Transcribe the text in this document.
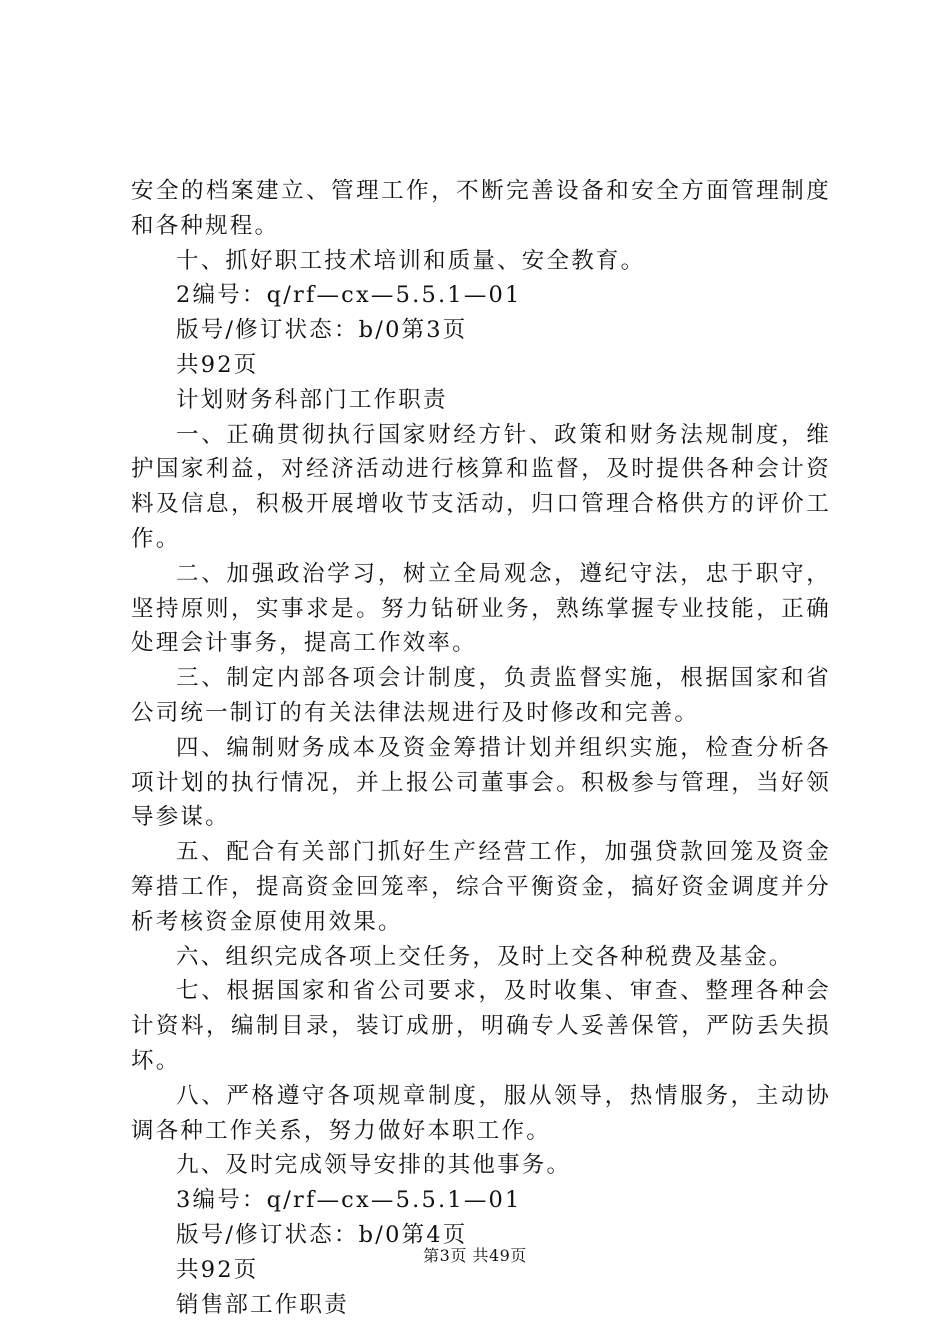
安全的档案建立、管理工作，不断完善设备和安全方面管理制度和各种规程。

十、抓好职工技术培训和质量、安全教育。

2编号：q/rf—cx—5.5.1—01

版号/修订状态：b/0第3页

共92页

计划财务科部门工作职责

一、正确贯彻执行国家财经方针、政策和财务法规制度，维护国家利益，对经济活动进行核算和监督，及时提供各种会计资料及信息，积极开展增收节支活动，归口管理合格供方的评价工作。

二、加强政治学习，树立全局观念，遵纪守法，忠于职守，坚持原则，实事求是。努力钻研业务，熟练掌握专业技能，正确处理会计事务，提高工作效率。

三、制定内部各项会计制度，负责监督实施，根据国家和省公司统一制订的有关法律法规进行及时修改和完善。

四、编制财务成本及资金筹措计划并组织实施，检查分析各项计划的执行情况，并上报公司董事会。积极参与管理，当好领导参谋。

五、配合有关部门抓好生产经营工作，加强贷款回笼及资金筹措工作，提高资金回笼率，综合平衡资金，搞好资金调度并分析考核资金原使用效果。

六、组织完成各项上交任务，及时上交各种税费及基金。

七、根据国家和省公司要求，及时收集、审查、整理各种会计资料，编制目录，装订成册，明确专人妥善保管，严防丢失损坏。

八、严格遵守各项规章制度，服从领导，热情服务，主动协调各种工作关系，努力做好本职工作。

九、及时完成领导安排的其他事务。

3编号：q/rf—cx—5.5.1—01

版号/修订状态：b/0第4页

共92页

销售部工作职责

第3页 共49页
